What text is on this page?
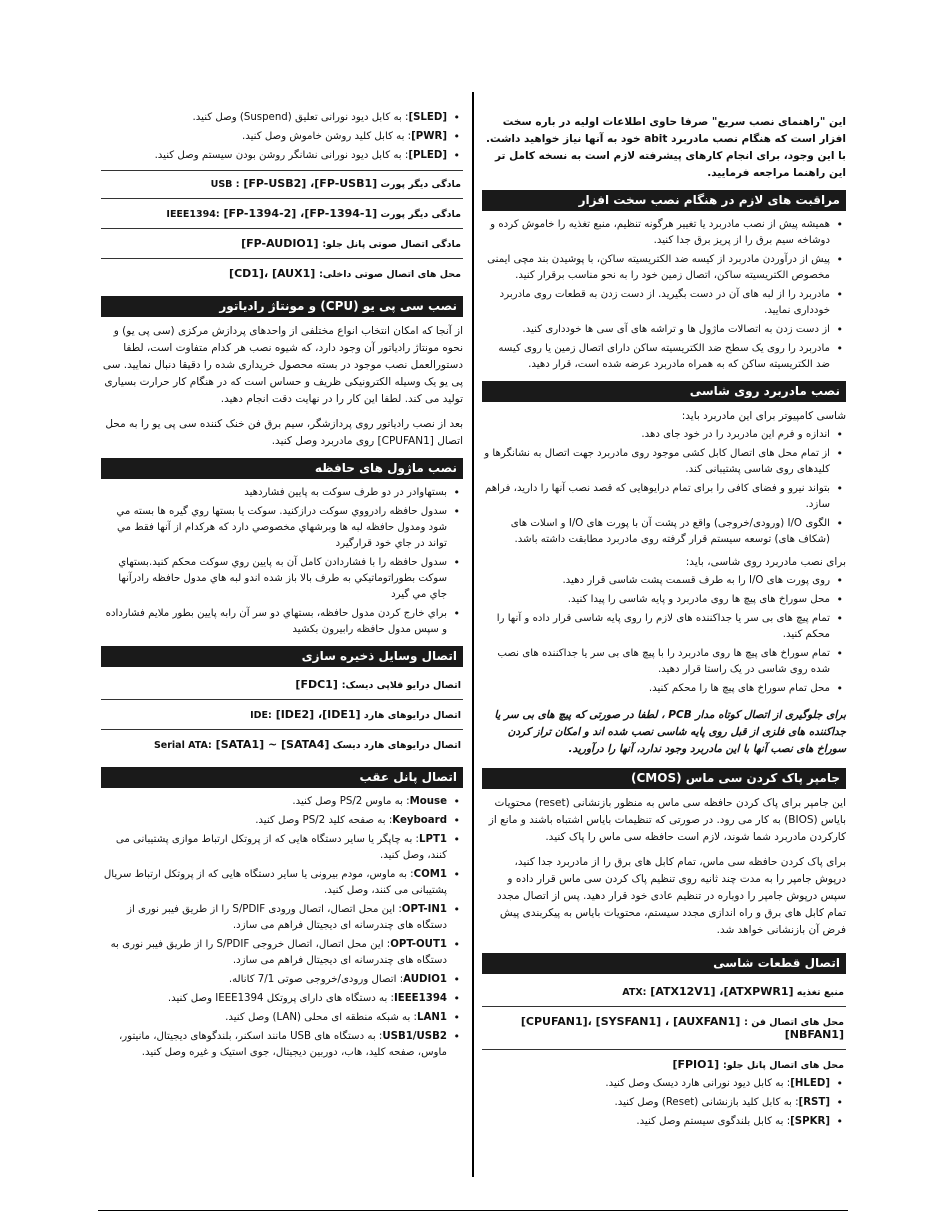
این "راهنمای نصب سریع" صرفا حاوی اطلاعات اولیه در باره سخت افزار است که هنگام نصب مادربرد abit خود به آنها نیاز خواهید داشت. با این وجود، برای انجام کارهای پیشرفته لازم است به نسخه کامل تر این راهنما مراجعه فرمایید.

مراقبت های لازم در هنگام نصب سخت افزار
• همیشه پیش از نصب مادربرد یا تغییر هرگونه تنظیم، منبع تغذیه را خاموش کرده و دوشاخه سیم برق را از پریز برق جدا کنید.
• پیش از درآوردن مادربرد از کیسه ضد الکتریسیته ساکن، با پوشیدن بند مچی ایمنی مخصوص الکتریسیته ساکن، اتصال زمین خود را به نحو مناسب برقرار کنید.
• مادربرد را از لبه های آن در دست بگیرید. از دست زدن به قطعات روی مادربرد خودداری نمایید.
• از دست زدن به اتصالات ماژول ها و تراشه های آی سی ها خودداری کنید.
• مادربرد را روی یک سطح ضد الکتریسیته ساکن دارای اتصال زمین یا روی کیسه ضد الکتریسیته ساکن که به همراه مادربرد عرضه شده است، قرار دهید.
نصب مادربرد روی شاسی

شاسی کامپیوتر برای این مادربرد باید:

• اندازه و فرم این مادربرد را در خود جای دهد.
• از تمام محل های اتصال کابل کشی موجود روی مادربرد جهت اتصال به نشانگرها و کلیدهای روی شاسی پشتیبانی کند.
• بتواند نیرو و فضای کافی را برای تمام درایوهایی که قصد نصب آنها را دارید، فراهم سازد.
• الگوی I/O (ورودی/خروجی) واقع در پشت آن با پورت های I/O و اسلات های (شکاف های) توسعه سیستم قرار گرفته روی مادربرد مطابقت داشته باشد.

برای نصب مادربرد روی شاسی، باید:

• روی پورت های I/O را به طرف قسمت پشت شاسی قرار دهید.
• محل سوراخ های پیچ ها روی مادربرد و پایه شاسی را پیدا کنید.
• تمام پیچ های بی سر یا جداکننده های لازم را روی پایه شاسی قرار داده و آنها را محکم کنید.
• تمام سوراخ های پیچ ها روی مادربرد را با پیچ های بی سر یا جداکننده های نصب شده روی شاسی در یک راستا قرار دهید.
• محل تمام سوراخ های پیچ ها را محکم کنید.

برای جلوگیری از اتصال کوتاه مدار PCB ، لطفا در صورتی که پیچ های بی سر یا جداکننده های فلزی از قبل روی پایه شاسی نصب شده اند و امکان تراز کردن سوراخ های نصب آنها با این مادربرد وجود ندارد، آنها را درآورید.

جامپر پاک کردن سی ماس (CMOS)

این جامپر برای پاک کردن حافظه سی ماس به منظور بازنشانی (reset) محتویات بایاس (BIOS) به کار می رود. در صورتی که تنظیمات بایاس اشتباه باشند و مانع از کارکردن مادربرد شما شوند، لازم است حافظه سی ماس را پاک کنید.

برای پاک کردن حافظه سی ماس، تمام کابل های برق را از مادربرد جدا کنید، درپوش جامپر را به مدت چند ثانیه روی تنظیم پاک کردن سی ماس قرار داده و سپس درپوش جامپر را دوباره در تنظیم عادی خود قرار دهید. پس از اتصال مجدد تمام کابل های برق و راه اندازی مجدد سیستم، محتویات بایاس به پیکربندی پیش فرض آن بازنشانی خواهد شد.

اتصال قطعات شاسی
منبع تغذیه ATX: [ATX12V1] ،[ATXPWR1]
محل های اتصال فن : [AUXFAN1] ، [SYSFAN1] ،[CPUFAN1]
[NBFAN1]
محل های اتصال پانل جلو: [FPIO1]
• [HLED]: به کابل دیود نورانی هارد دیسک وصل کنید.
• [RST]: به کابل کلید بازنشانی (Reset) وصل کنید.
• [SPKR]: به کابل بلندگوی سیستم وصل کنید.
• [SLED]: به کابل دیود نورانی تعلیق (Suspend) وصل کنید.
• [PWR]: به کابل کلید روشن خاموش وصل کنید.
• [PLED]: به کابل دیود نورانی نشانگر روشن بودن سیستم وصل کنید.
مادگی دیگر پورت USB : [FP-USB2] ،[FP-USB1]
مادگی دیگر پورت IEEE1394: [FP-1394-2] ،[FP-1394-1]
مادگی اتصال صوتی پانل جلو: [FP-AUDIO1]
محل های اتصال صوتی داخلی: [AUX1] ،[CD1]
نصب سی پی یو (CPU) و مونتاژ رادیاتور

از آنجا که امکان انتخاب انواع مختلفی از واحدهای پردازش مرکزی (سی پی یو) و نحوه مونتاژ رادیاتور آن وجود دارد، که شیوه نصب هر کدام متفاوت است، لطفا دستورالعمل نصب موجود در بسته محصول خریداری شده را دقیقا دنبال نمایید. سی پی یو یک وسیله الکترونیکی ظریف و حساس است که در هنگام کار حرارت بسیاری تولید می کند. لطفا این کار را در نهایت دقت انجام دهید.

بعد از نصب رادیاتور روی پردازشگر، سیم برق فن خنک کننده سی پی یو را به محل اتصال [CPUFAN1] روی مادربرد وصل کنید.

نصب ماژول های حافظه
• بستهاوادر در دو طرف سوکت به پایین فشاردهید
• سدول حافظه رادرووي سوکت درازکنید. سوکت يا بستها روي گيره ها بسته مي شود ومدول حافظه لبه ها وبرشهاي مخصوصي دارد که هرکدام از آنها فقط مي تواند در جاي خود قرارگيرد
• سدول حافظه را با فشاردادن کامل آن به پایین روي سوکت محکم کنید.بستهاي سوکت بطوراتوماتیکي به طرف بالا باز شده اندو لبه هاي مدول حافظه رادرآنها جاي مي گیرد
• براي خارج کردن مدول حافظه، بستهاي دو سر آن رابه پایین بطور ملايم فشارداده و سپس مدول حافظه رابيرون بکشيد
اتصال وسایل ذخیره سازی
اتصال درایو فلاپی دیسک: [FDC1]
اتصال درایوهای هارد IDE: [IDE2] ،[IDE1]
اتصال درایوهای هارد دیسک Serial ATA: [SATA1] ~ [SATA4]
اتصال پانل عقب
• Mouse: به ماوس PS/2 وصل کنید.
• Keyboard: به صفحه کلید PS/2 وصل کنید.
• LPT1: به چاپگر یا سایر دستگاه هایی که از پروتکل ارتباط موازی پشتیبانی می کنند، وصل کنید.
• COM1: به ماوس، مودم بیرونی یا سایر دستگاه هایی که از پروتکل ارتباط سریال پشتیبانی می کنند، وصل کنید.
• OPT-IN1: این محل اتصال، اتصال ورودی S/PDIF را از طریق فیبر نوری از دستگاه های چندرسانه ای دیجیتال فراهم می سازد.
• OPT-OUT1: این محل اتصال، اتصال خروجی S/PDIF را از طریق فیبر نوری به دستگاه های چندرسانه ای دیجیتال فراهم می سازد.
• AUDIO1: اتصال ورودی/خروجی صوتی 7/1 کاناله.
• IEEE1394: به دستگاه های دارای پروتکل IEEE1394 وصل کنید.
• LAN1: به شبکه منطقه ای محلی (LAN) وصل کنید.
• USB1/USB2: به دستگاه های USB مانند اسکنر، بلندگوهای دیجیتال، مانیتور، ماوس، صفحه کلید، هاب، دوربین دیجیتال، جوی استیک و غیره وصل کنید.
